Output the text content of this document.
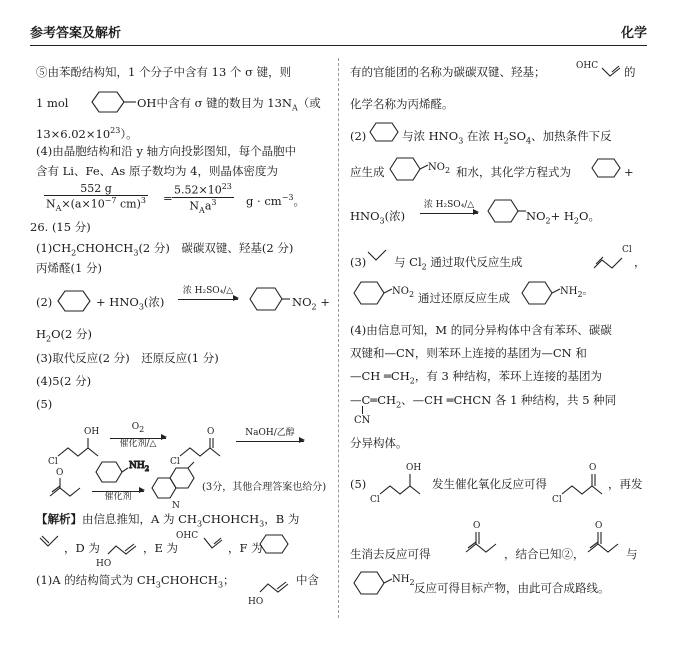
参考答案及解析	化学
⑤由苯酚结构知，1 个分子中含有 13 个 σ 键，则
1 mol	OH中含有 σ 键的数目为 $13N_A$（或
$13\times 6.02\times 10^{23}$）。
(4)由晶胞结构和沿 y 轴方向投影图知，每个晶胞中
含有 Li、Fe、As 原子数均为 4，则晶体密度为
$\frac{552 g}{N_A\times(a\times 10^{-7} cm)^3}$ =
$5.52\times 10^{23}$
$N_Aa^3$	$g \cdot cm^{-3}$。
26. (15 分)
$(1)CH_2CHOHCH_3(2$ 分)　碳碳双键、羟基(2 分)
丙烯醛(1 分)
(2)	+ $HNO_3$(浓)
浓 H₂SO₄/△
$NO_2$ +
$H_2O(2$ 分)
(3)取代反应(2 分)　还原反应(1 分)
(4)5(2 分)
(5)
OH
Cl
O2
催化剂/△
O
Cl
NaOH/乙醇
O
$NH_2$
催化剂
N
(3分，其他合理答案也给分)
【解析】由信息推知，A 为 $CH_3CHOHCH_3$，B 为
，D 为
HO
，E 为
OHC
，F 为
(1)A 的结构简式为 $CH_3CHOHCH_3$；
HO
中含
有的官能团的名称为碳碳双键、羟基；	OHC 的
化学名称为丙烯醛。
(2)	与浓 $HNO_3$ 在浓 $H_2SO_4$、加热条件下反
应生成	$NO_2$ 和水，其化学方程式为	+
$HNO_3$(浓)
浓 H₂SO₄/△
$NO_2+ H_2O$。
(3) 与 $Cl_2$ 通过取代反应生成
Cl
，
$NO_2$ 通过还原反应生成	$NH_2$。
(4)由信息可知，M 的同分异构体中含有苯环、碳碳
双键和—CN，则苯环上连接的基团为—CN 和
—CH $═CH_2$，有 3 种结构，苯环上连接的基团为
$—C═CH_2$、—CH ═CHCN 各 1 种结构，共 5 种同
CN
分异构体。
(5)
OH
Cl
发生催化氧化反应可得
O
Cl
，再发
生消去反应可得
O
，结合已知②，
O
与
$NH_2$ 反应可得目标产物，由此可合成路线。
